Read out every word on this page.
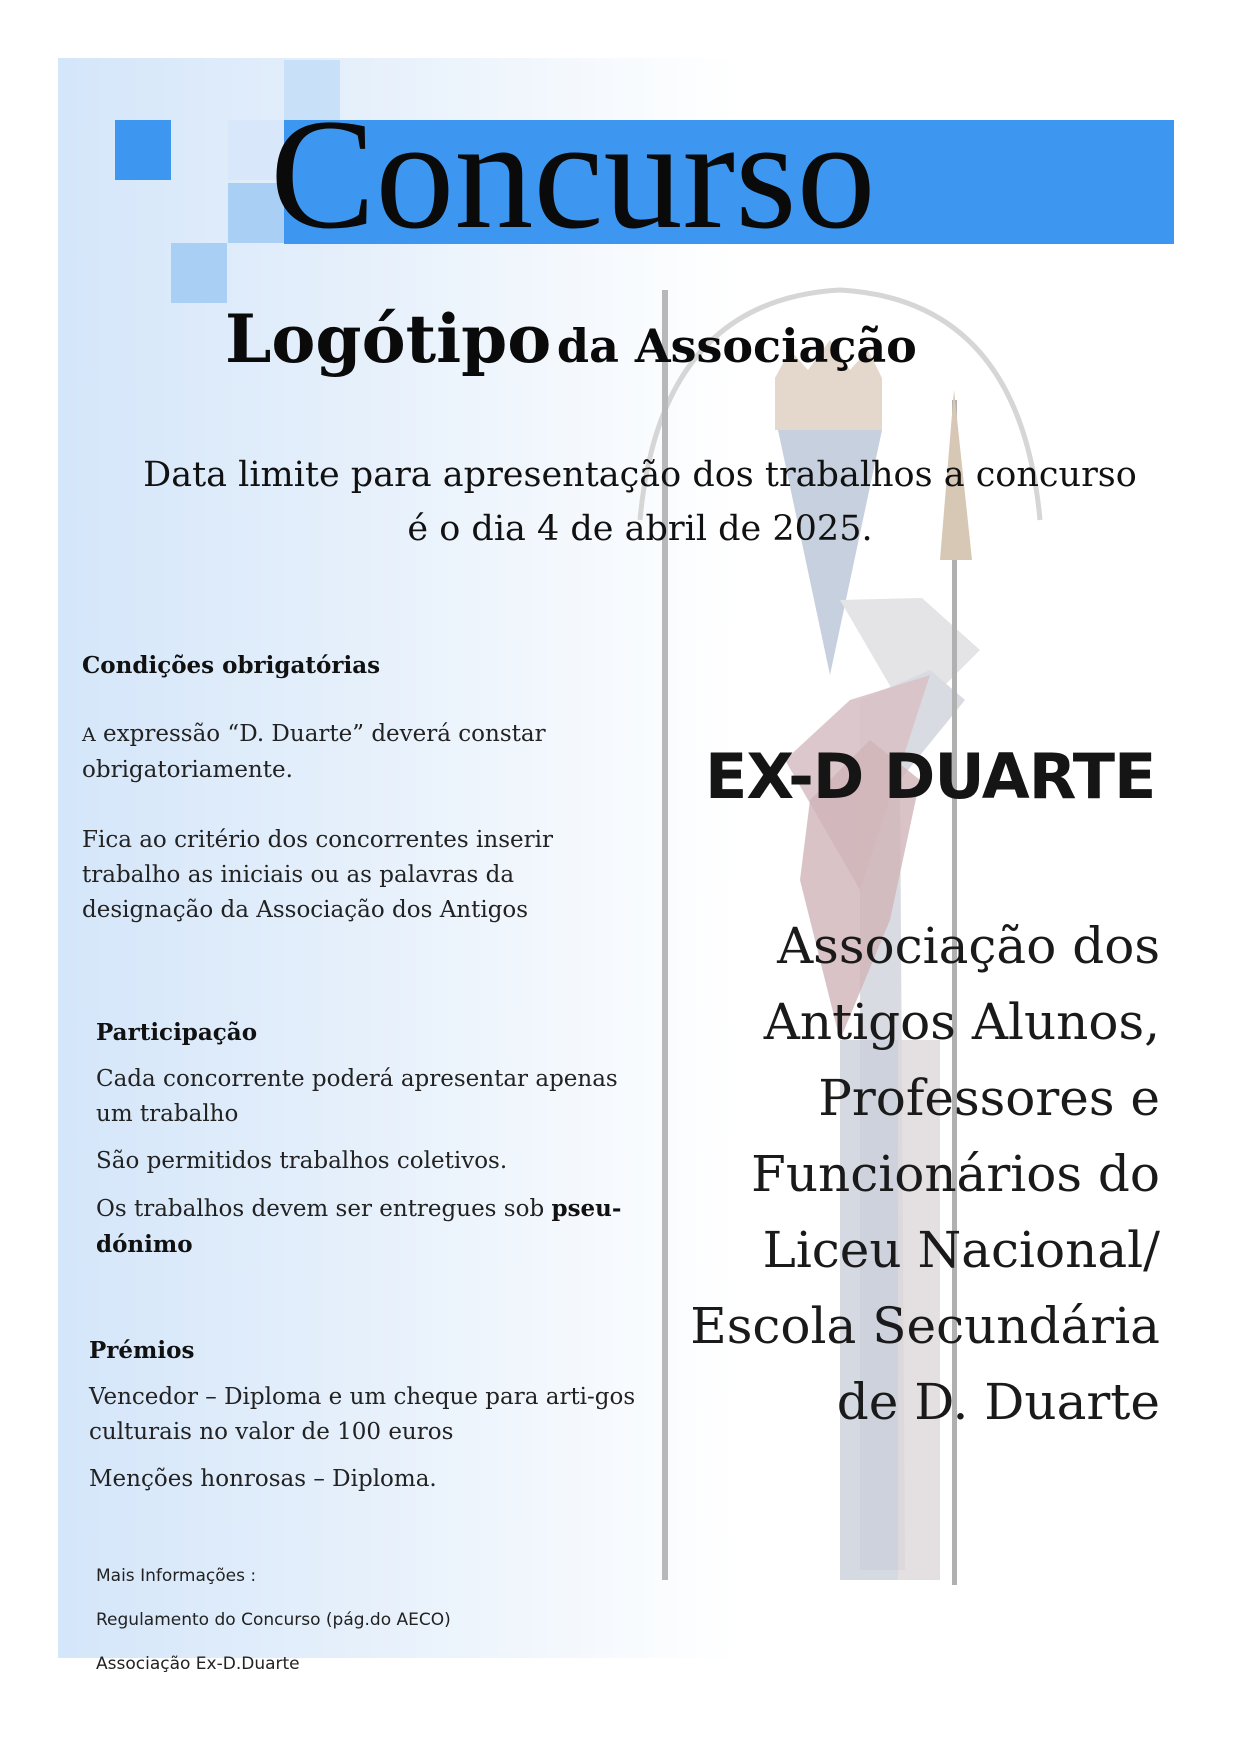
Concurso
Logótipo da Associação
Data limite para apresentação dos trabalhos a concurso
é o dia 4 de abril de 2025.
Condições obrigatórias
A expressão “D. Duarte” deverá constar obrigatoriamente.
Fica ao critério dos concorrentes inserir trabalho as iniciais ou as palavras da designação da Associação dos Antigos
Participação
Cada concorrente poderá apresentar apenas um trabalho
São permitidos trabalhos coletivos.
Os trabalhos devem ser entregues sob pseu-dónimo
Prémios
Vencedor – Diploma e um cheque para arti-gos culturais no valor de 100 euros
Menções honrosas – Diploma.
EX-D DUARTE
Associação dos
Antigos Alunos,
Professores e
Funcionários do
Liceu Nacional/
Escola Secundária
de D. Duarte
Mais Informações :
Regulamento do Concurso (pág.do AECO)
Associação Ex-D.Duarte
